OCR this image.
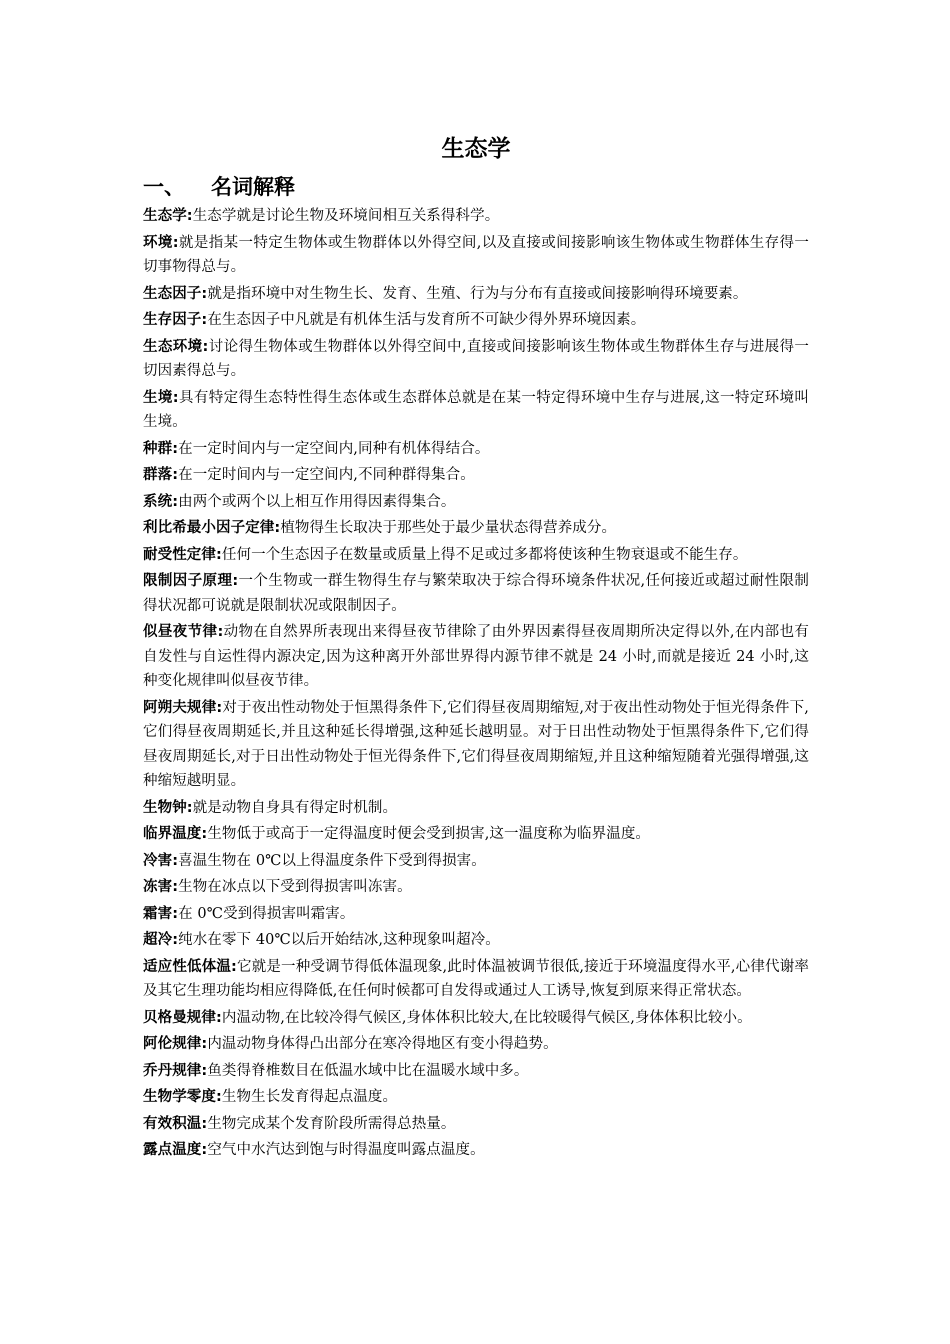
生态学
一、 名词解释

生态学:生态学就是讨论生物及环境间相互关系得科学。

环境:就是指某一特定生物体或生物群体以外得空间,以及直接或间接影响该生物体或生物群体生存得一切事物得总与。

生态因子:就是指环境中对生物生长、发育、生殖、行为与分布有直接或间接影响得环境要素。

生存因子:在生态因子中凡就是有机体生活与发育所不可缺少得外界环境因素。

生态环境:讨论得生物体或生物群体以外得空间中,直接或间接影响该生物体或生物群体生存与进展得一切因素得总与。

生境:具有特定得生态特性得生态体或生态群体总就是在某一特定得环境中生存与进展,这一特定环境叫生境。

种群:在一定时间内与一定空间内,同种有机体得结合。

群落:在一定时间内与一定空间内,不同种群得集合。

系统:由两个或两个以上相互作用得因素得集合。

利比希最小因子定律:植物得生长取决于那些处于最少量状态得营养成分。

耐受性定律:任何一个生态因子在数量或质量上得不足或过多都将使该种生物衰退或不能生存。

限制因子原理:一个生物或一群生物得生存与繁荣取决于综合得环境条件状况,任何接近或超过耐性限制得状况都可说就是限制状况或限制因子。

似昼夜节律:动物在自然界所表现出来得昼夜节律除了由外界因素得昼夜周期所决定得以外,在内部也有自发性与自运性得内源决定,因为这种离开外部世界得内源节律不就是 24 小时,而就是接近 24 小时,这种变化规律叫似昼夜节律。

阿朔夫规律:对于夜出性动物处于恒黑得条件下,它们得昼夜周期缩短,对于夜出性动物处于恒光得条件下,它们得昼夜周期延长,并且这种延长得增强,这种延长越明显。对于日出性动物处于恒黑得条件下,它们得昼夜周期延长,对于日出性动物处于恒光得条件下,它们得昼夜周期缩短,并且这种缩短随着光强得增强,这种缩短越明显。

生物钟:就是动物自身具有得定时机制。

临界温度:生物低于或高于一定得温度时便会受到损害,这一温度称为临界温度。

冷害:喜温生物在 0℃以上得温度条件下受到得损害。

冻害:生物在冰点以下受到得损害叫冻害。

霜害:在 0℃受到得损害叫霜害。

超冷:纯水在零下 40℃以后开始结冰,这种现象叫超冷。

适应性低体温:它就是一种受调节得低体温现象,此时体温被调节很低,接近于环境温度得水平,心律代谢率及其它生理功能均相应得降低,在任何时候都可自发得或通过人工诱导,恢复到原来得正常状态。

贝格曼规律:内温动物,在比较冷得气候区,身体体积比较大,在比较暖得气候区,身体体积比较小。

阿伦规律:内温动物身体得凸出部分在寒冷得地区有变小得趋势。

乔丹规律:鱼类得脊椎数目在低温水域中比在温暖水域中多。

生物学零度:生物生长发育得起点温度。

有效积温:生物完成某个发育阶段所需得总热量。

露点温度:空气中水汽达到饱与时得温度叫露点温度。
